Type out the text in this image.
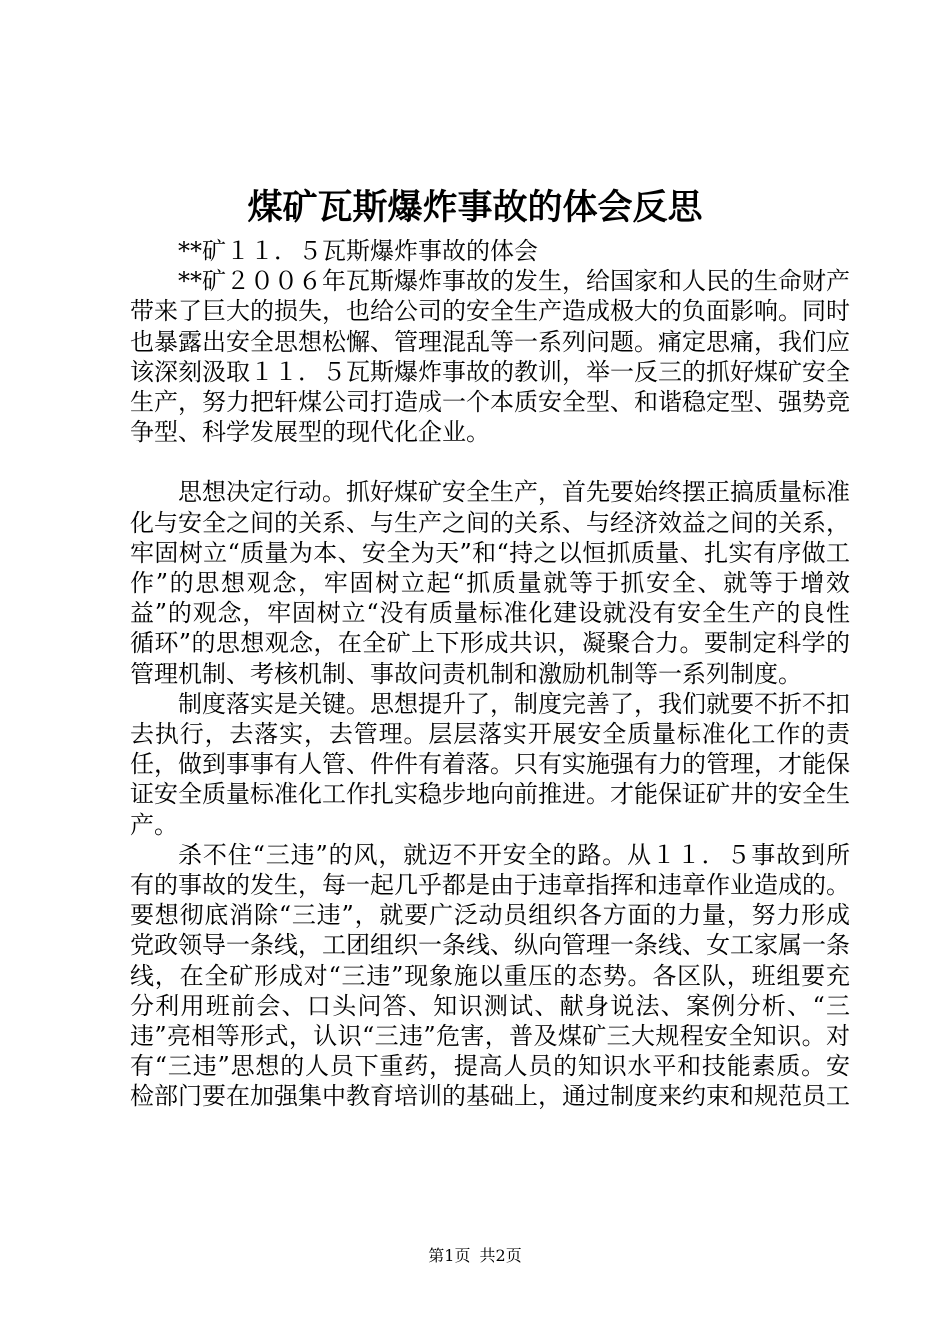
煤矿瓦斯爆炸事故的体会反思

**矿１１．５瓦斯爆炸事故的体会

**矿２００６年瓦斯爆炸事故的发生，给国家和人民的生命财产带来了巨大的损失，也给公司的安全生产造成极大的负面影响。同时也暴露出安全思想松懈、管理混乱等一系列问题。痛定思痛，我们应该深刻汲取１１．５瓦斯爆炸事故的教训，举一反三的抓好煤矿安全生产，努力把轩煤公司打造成一个本质安全型、和谐稳定型、强势竞争型、科学发展型的现代化企业。

思想决定行动。抓好煤矿安全生产，首先要始终摆正搞质量标准化与安全之间的关系、与生产之间的关系、与经济效益之间的关系，牢固树立“质量为本、安全为天”和“持之以恒抓质量、扎实有序做工作”的思想观念，牢固树立起“抓质量就等于抓安全、就等于增效益”的观念，牢固树立“没有质量标准化建设就没有安全生产的良性循环”的思想观念，在全矿上下形成共识，凝聚合力。要制定科学的管理机制、考核机制、事故问责机制和激励机制等一系列制度。

制度落实是关键。思想提升了，制度完善了，我们就要不折不扣去执行，去落实，去管理。层层落实开展安全质量标准化工作的责任，做到事事有人管、件件有着落。只有实施强有力的管理，才能保证安全质量标准化工作扎实稳步地向前推进。才能保证矿井的安全生产。

杀不住“三违”的风，就迈不开安全的路。从１１．５事故到所有的事故的发生，每一起几乎都是由于违章指挥和违章作业造成的。要想彻底消除“三违”，就要广泛动员组织各方面的力量，努力形成党政领导一条线，工团组织一条线、纵向管理一条线、女工家属一条线，在全矿形成对“三违”现象施以重压的态势。各区队，班组要充分利用班前会、口头问答、知识测试、献身说法、案例分析、“三违”亮相等形式，认识“三违”危害，普及煤矿三大规程安全知识。对有“三违”思想的人员下重药，提高人员的知识水平和技能素质。安检部门要在加强集中教育培训的基础上，通过制度来约束和规范员工

第1页 共2页
